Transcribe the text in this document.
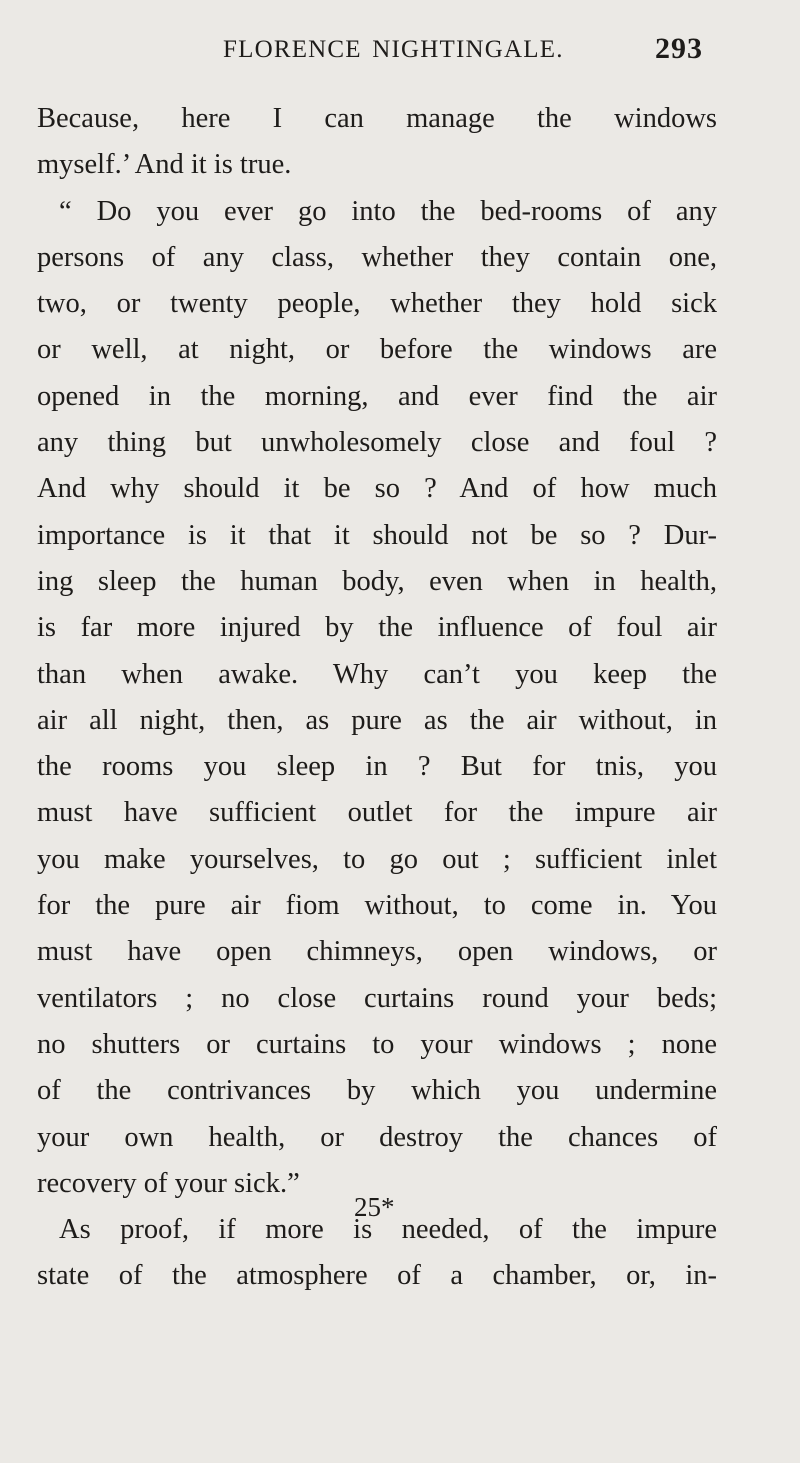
FLORENCE NIGHTINGALE.	293
Because, here I can manage the windows
myself.’ And it is true.
“ Do you ever go into the bed-rooms of any
persons of any class, whether they contain one,
two, or twenty people, whether they hold sick
or well, at night, or before the windows are
opened in the morning, and ever find the air
any thing but unwholesomely close and foul ?
And why should it be so ? And of how much
importance is it that it should not be so ? Dur-
ing sleep the human body, even when in health,
is far more injured by the influence of foul air
than when awake. Why can’t you keep the
air all night, then, as pure as the air without, in
the rooms you sleep in ? But for tnis, you
must have sufficient outlet for the impure air
you make yourselves, to go out ; sufficient inlet
for the pure air fiom without, to come in. You
must have open chimneys, open windows, or
ventilators ; no close curtains round your beds;
no shutters or curtains to your windows ; none
of the contrivances by which you undermine
your own health, or destroy the chances of
recovery of your sick.”
As proof, if more is needed, of the impure
state of the atmosphere of a chamber, or, in-
25*
